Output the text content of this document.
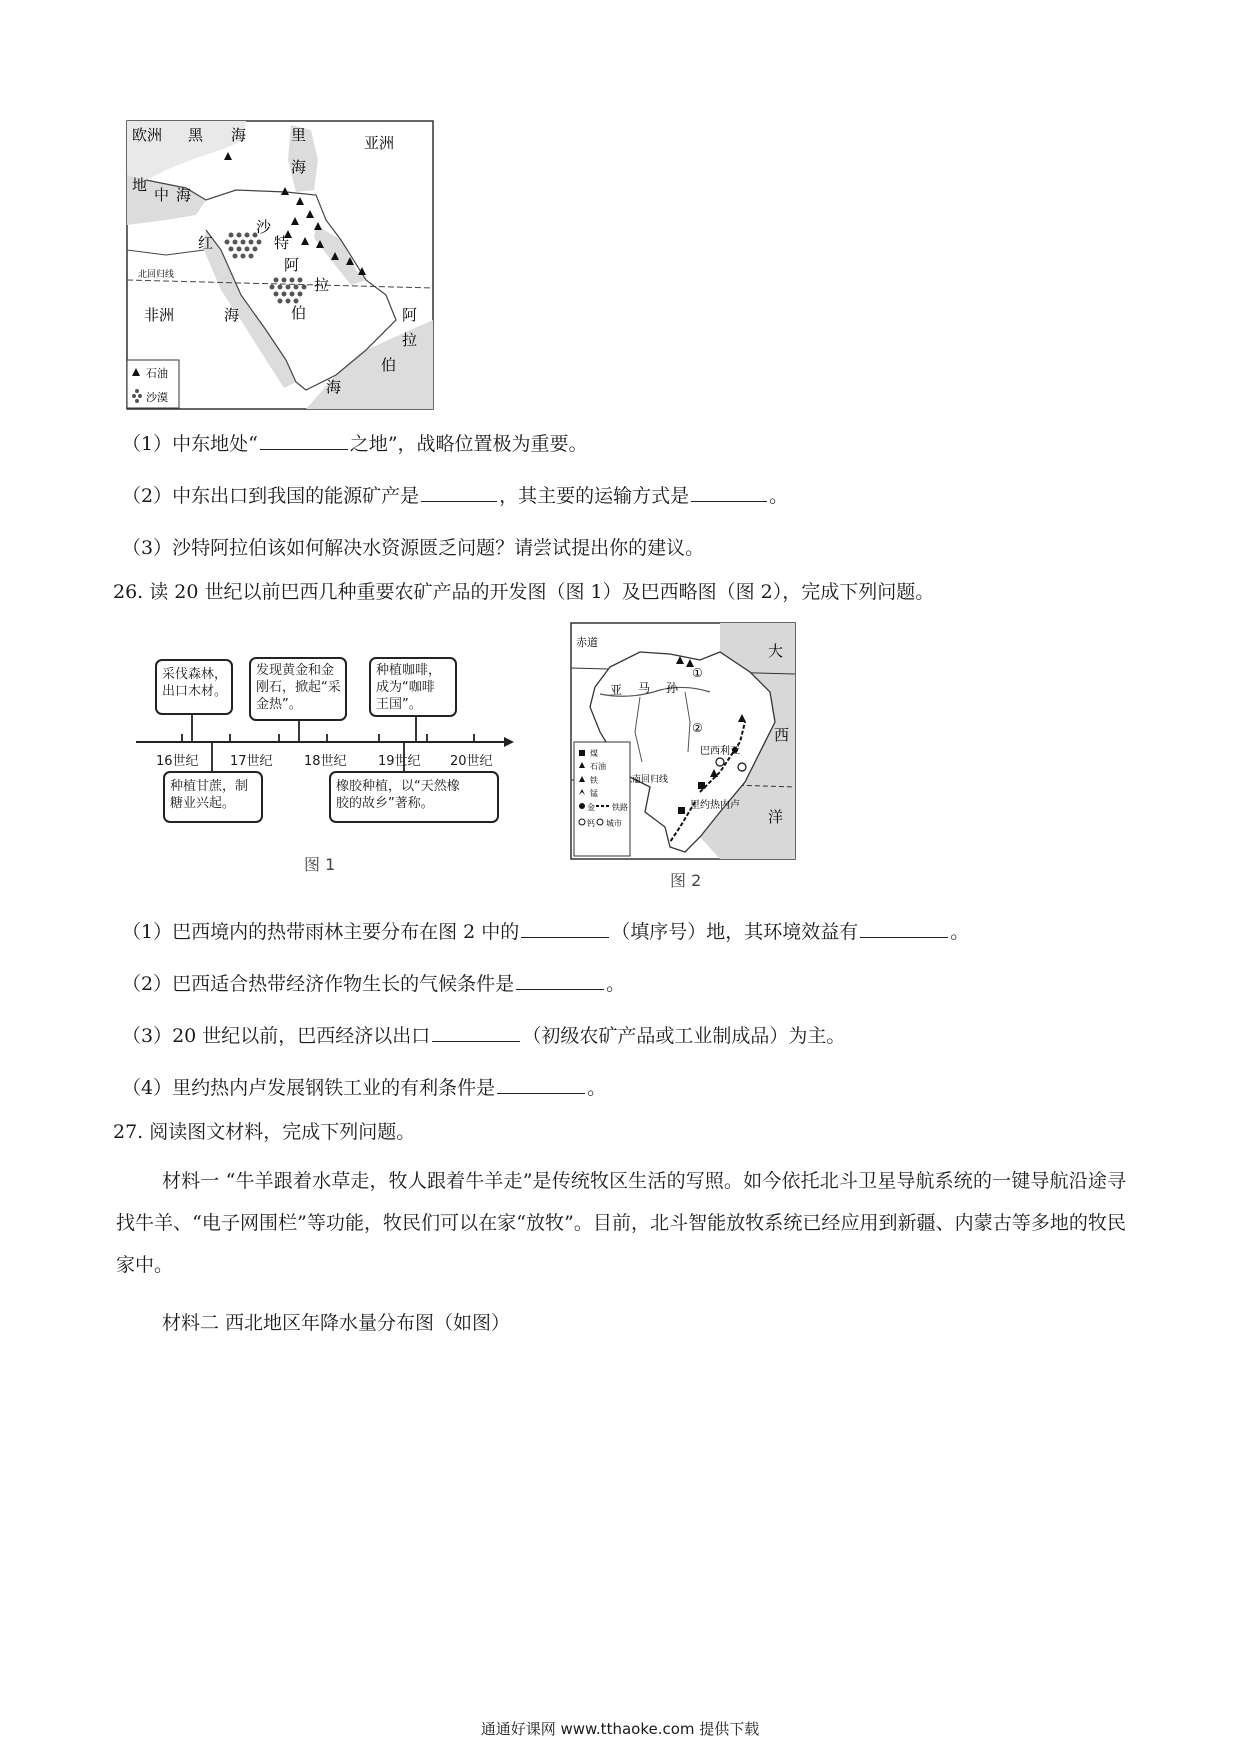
欧洲 黑 海	里
海
亚洲
地
中 海
沙
特
阿
拉
伯
红
海
非洲
北回归线
阿
拉
伯
海
石油
沙漠
（1）中东地处“	之地”，战略位置极为重要。
（2）中东出口到我国的能源矿产是	，其主要的运输方式是	。
（3）沙特阿拉伯该如何解决水资源匮乏问题？请尝试提出你的建议。
26. 读 20 世纪以前巴西几种重要农矿产品的开发图（图 1）及巴西略图（图 2），完成下列问题。
采伐森林，
出口木材。
发现黄金和金
刚石，掀起“采
金热”。
种植咖啡，
成为“咖啡
王国”。
种植甘蔗，制
糖业兴起。
橡胶种植，以“天然橡
胶的故乡”著称。
16世纪 17世纪 18世纪 19世纪 20世纪
图 1
赤道	大
西
洋
亚 马 孙
①
②
巴西利亚
南回归线
里约热内卢
煤
石油
铁
锰
金 铁路
钙 城市
图 2
（1）巴西境内的热带雨林主要分布在图 2 中的	（填序号）地，其环境效益有	。
（2）巴西适合热带经济作物生长的气候条件是	。
（3）20 世纪以前，巴西经济以出口	（初级农矿产品或工业制成品）为主。
（4）里约热内卢发展钢铁工业的有利条件是	。
27. 阅读图文材料，完成下列问题。
材料一 “牛羊跟着水草走，牧人跟着牛羊走”是传统牧区生活的写照。如今依托北斗卫星导航系统的一键导航沿途寻找牛羊、“电子网围栏”等功能，牧民们可以在家“放牧”。目前，北斗智能放牧系统已经应用到新疆、内蒙古等多地的牧民家中。
材料二 西北地区年降水量分布图（如图）
通通好课网 www.tthaoke.com 提供下载
